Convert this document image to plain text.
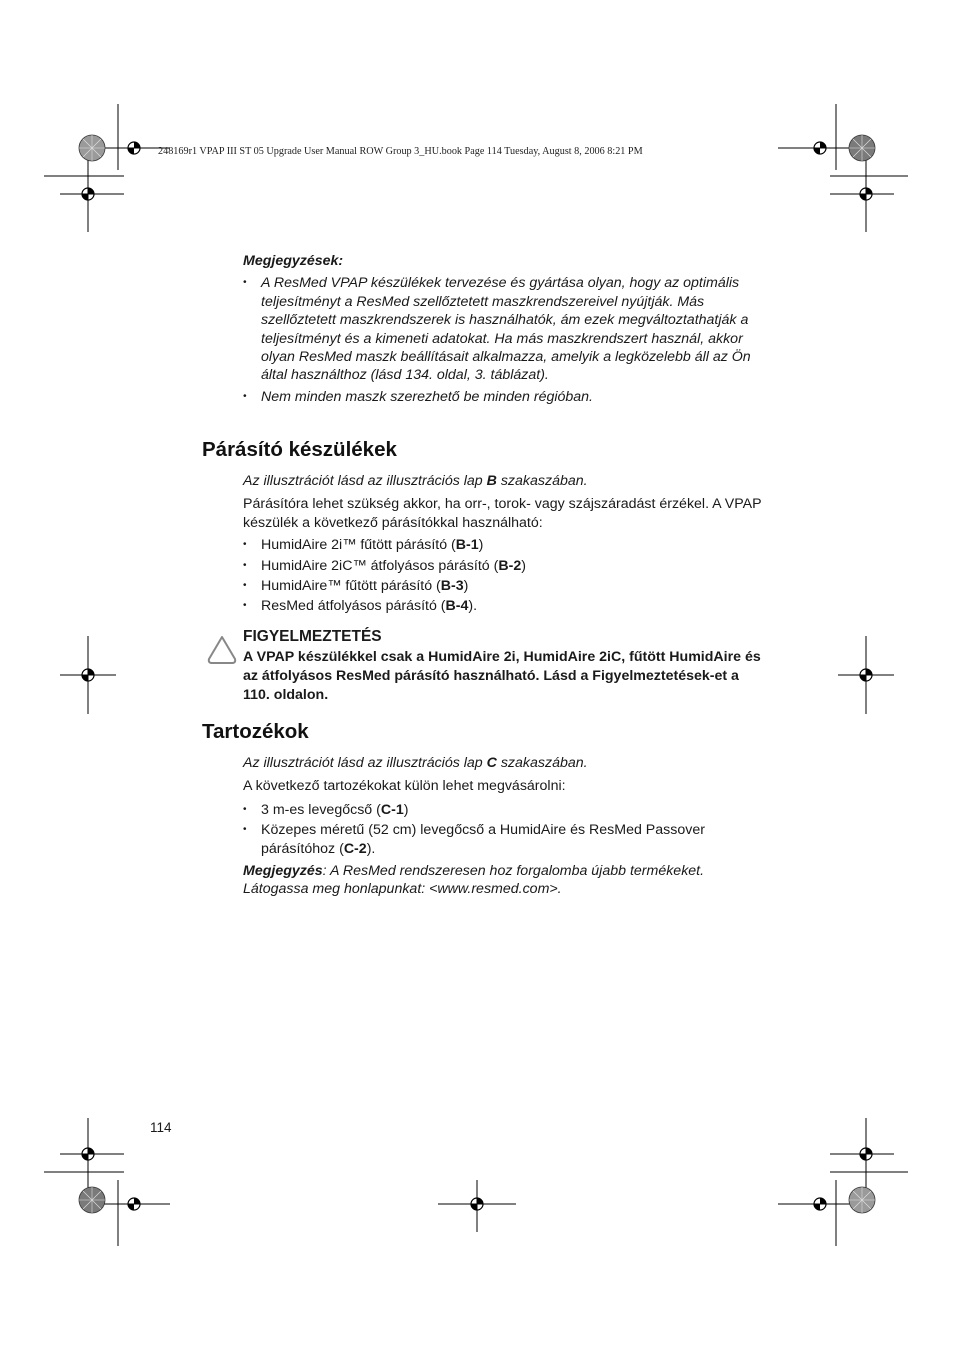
248169r1 VPAP III ST 05 Upgrade User Manual ROW Group 3_HU.book Page 114 Tuesday, August 8, 2006 8:21 PM

Megjegyzések:

• A ResMed VPAP készülékek tervezése és gyártása olyan, hogy az optimális teljesítményt a ResMed szellőztetett maszkrendszereivel nyújtják. Más szellőztetett maszkrendszerek is használhatók, ám ezek megváltoztathatják a teljesítményt és a kimeneti adatokat. Ha más maszkrendszert használ, akkor olyan ResMed maszk beállításait alkalmazza, amelyik a legközelebb áll az Ön által használthoz (lásd 134. oldal, 3. táblázat).
• Nem minden maszk szerezhető be minden régióban.
Párásító készülékek

Az illusztrációt lásd az illusztrációs lap B szakaszában.

Párásítóra lehet szükség akkor, ha orr-, torok- vagy szájszáradást érzékel. A VPAP készülék a következő párásítókkal használható:

• HumidAire 2i™ fűtött párásító (B-1)
• HumidAire 2iC™ átfolyásos párásító (B-2)
• HumidAire™ fűtött párásító (B-3)
• ResMed átfolyásos párásító (B-4).

FIGYELMEZTETÉS

A VPAP készülékkel csak a HumidAire 2i, HumidAire 2iC, fűtött HumidAire és az átfolyásos ResMed párásító használható. Lásd a Figyelmeztetések-et a 110. oldalon.

Tartozékok

Az illusztrációt lásd az illusztrációs lap C szakaszában.

A következő tartozékokat külön lehet megvásárolni:

• 3 m-es levegőcső (C-1)
• Közepes méretű (52 cm) levegőcső a HumidAire és ResMed Passover párásítóhoz (C-2).

Megjegyzés: A ResMed rendszeresen hoz forgalomba újabb termékeket. Látogassa meg honlapunkat: <www.resmed.com>.

114
